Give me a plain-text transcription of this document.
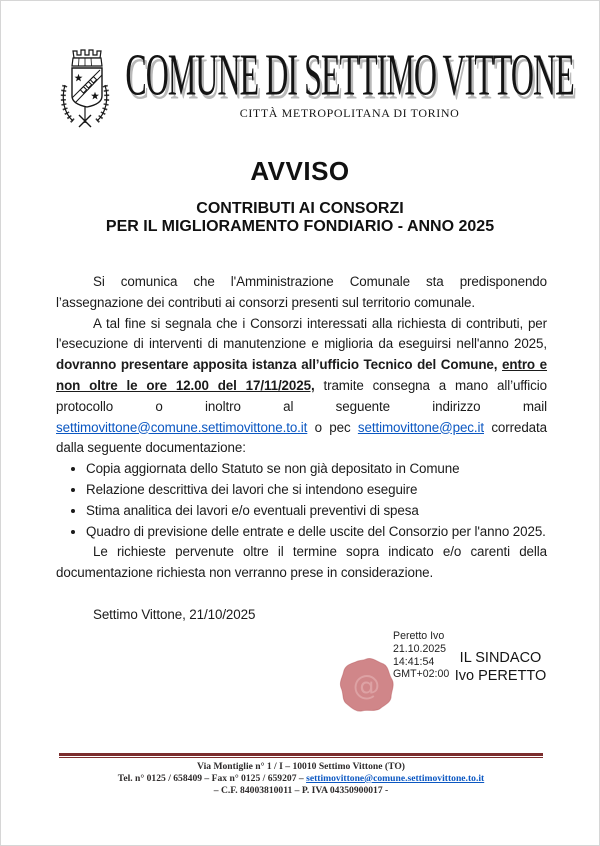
COMUNE DI SETTIMO VITTONE
CITTÀ METROPOLITANA DI TORINO
AVVISO
CONTRIBUTI AI CONSORZI
PER IL MIGLIORAMENTO FONDIARIO - ANNO 2025

Si comunica che l'Amministrazione Comunale sta predisponendo l’assegnazione dei contributi ai consorzi presenti sul territorio comunale.

A tal fine si segnala che i Consorzi interessati alla richiesta di contributi, per l'esecuzione di interventi di manutenzione e miglioria da eseguirsi nell'anno 2025, dovranno presentare apposita istanza all’ufficio Tecnico del Comune, entro e non oltre le ore 12.00 del 17/11/2025, tramite consegna a mano all’ufficio protocollo o inoltro al seguente indirizzo mail settimovittone@comune.settimovittone.to.it o pec settimovittone@pec.it corredata dalla seguente documentazione:

• Copia aggiornata dello Statuto se non già depositato in Comune
• Relazione descrittiva dei lavori che si intendono eseguire
• Stima analitica dei lavori e/o eventuali preventivi di spesa
• Quadro di previsione delle entrate e delle uscite del Consorzio per l'anno 2025.

Le richieste pervenute oltre il termine sopra indicato e/o carenti della documentazione richiesta non verranno prese in considerazione.

Settimo Vittone, 21/10/2025

@
Peretto Ivo
21.10.2025
14:41:54
GMT+02:00
IL SINDACO
Ivo PERETTO
Via Montiglie n° 1 / I – 10010 Settimo Vittone (TO)
Tel. n° 0125 / 658409 – Fax n° 0125 / 659207 – settimovittone@comune.settimovittone.to.it
– C.F. 84003810011 – P. IVA 04350900017 -
